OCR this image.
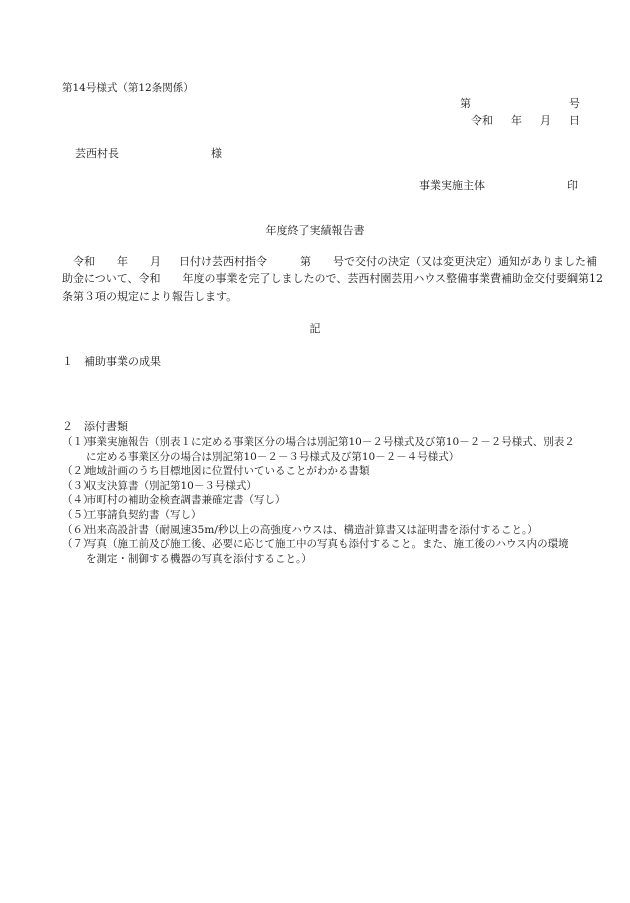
第14号様式（第12条関係）
第	号
令和 年 月 日
芸西村長	様
事業実施主体	印
年度終了実績報告書
令和 年 月 日付け芸西村指令	第 号で交付の決定（又は変更決定）通知がありました補
助金について、令和　　年度の事業を完了しましたので、芸西村園芸用ハウス整備事業費補助金交付要綱第12
条第３項の規定により報告します。
記
１　補助事業の成果
２　添付書類
（１）
事業実施報告（別表１に定める事業区分の場合は別記第10－２号様式及び第10－２－２号様式、別表２
に定める事業区分の場合は別記第10－２－３号様式及び第10－２－４号様式）
（２）
地域計画のうち目標地図に位置付いていることがわかる書類
（３）
収支決算書（別記第10－３号様式）
（４）
市町村の補助金検査調書兼確定書（写し）
（５）
工事請負契約書（写し）
（６）
出来高設計書（耐風速35m/秒以上の高強度ハウスは、構造計算書又は証明書を添付すること。）
（７）
写真（施工前及び施工後、必要に応じて施工中の写真も添付すること。また、施工後のハウス内の環境
を測定・制御する機器の写真を添付すること。）
